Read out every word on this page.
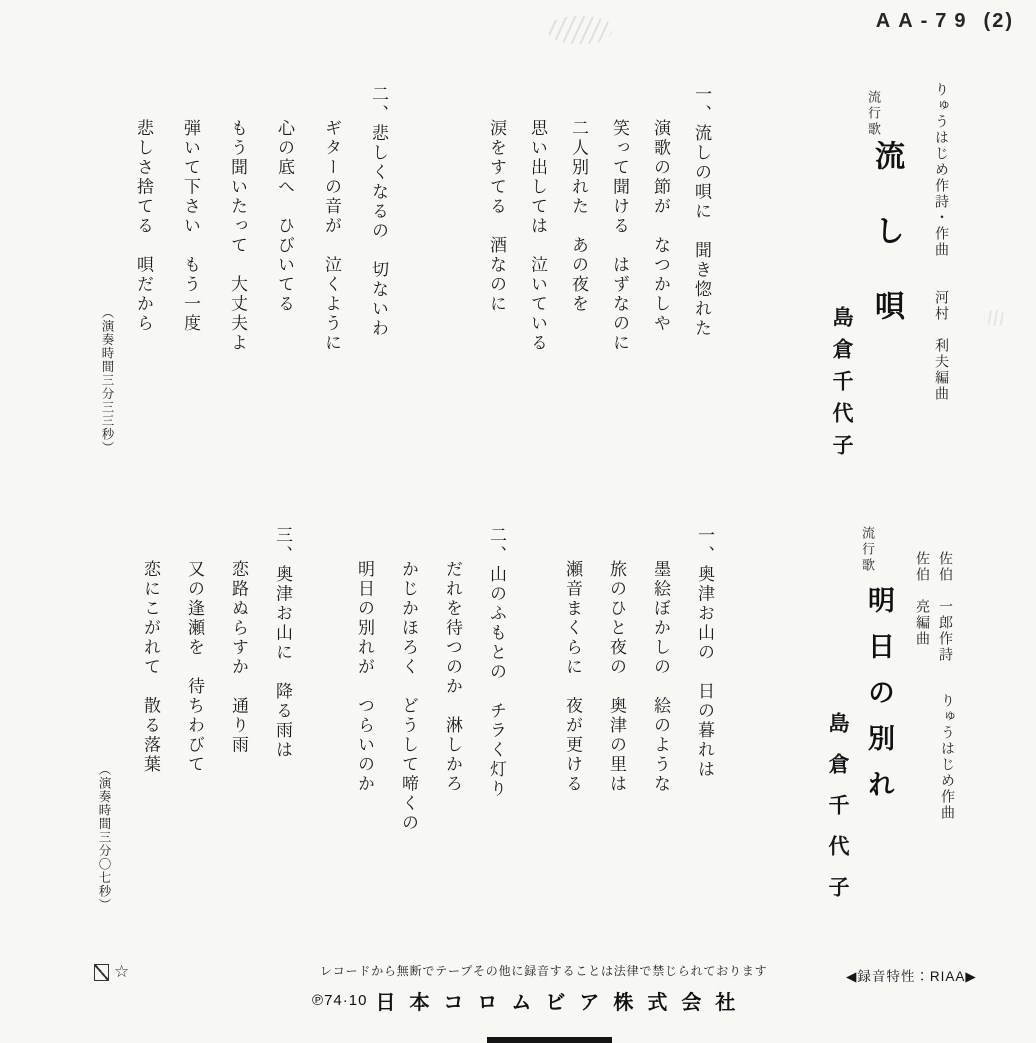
AA-79 (2)
りゅうはじめ作詩・作曲河村　利夫編曲
流行歌
流し唄
島倉千代子
一、流しの唄に　聞き惚れた
演歌の節が　なつかしや
笑って聞ける　はずなのに
二人別れた　あの夜を
思い出しては　泣いている
涙をすてる　酒なのに
二、悲しくなるの　切ないわ
ギターの音が　泣くように
心の底へ　ひびいてる
もう聞いたって　大丈夫よ
弾いて下さい　もう一度
悲しさ捨てる　唄だから
（演奏時間三分三三秒）
佐伯　一郎作詩
佐伯　亮編曲
りゅうはじめ作曲
流行歌
明日の別れ
島倉千代子
一、奥津お山の　日の暮れは
墨絵ぼかしの　絵のような
旅のひと夜の　奥津の里は
瀬音まくらに　夜が更ける
二、山のふもとの　チラく灯り
だれを待つのか　淋しかろ
かじかほろく　どうして啼くの
明日の別れが　つらいのか
三、奥津お山に　降る雨は
恋路ぬらすか　通り雨
又の逢瀬を　待ちわびて
恋にこがれて　散る落葉
（演奏時間三分〇七秒）
☆	レコードから無断でテープその他に録音することは法律で禁じられております
℗74·10 日本コロムビア株式会社
◀録音特性：RIAA▶
